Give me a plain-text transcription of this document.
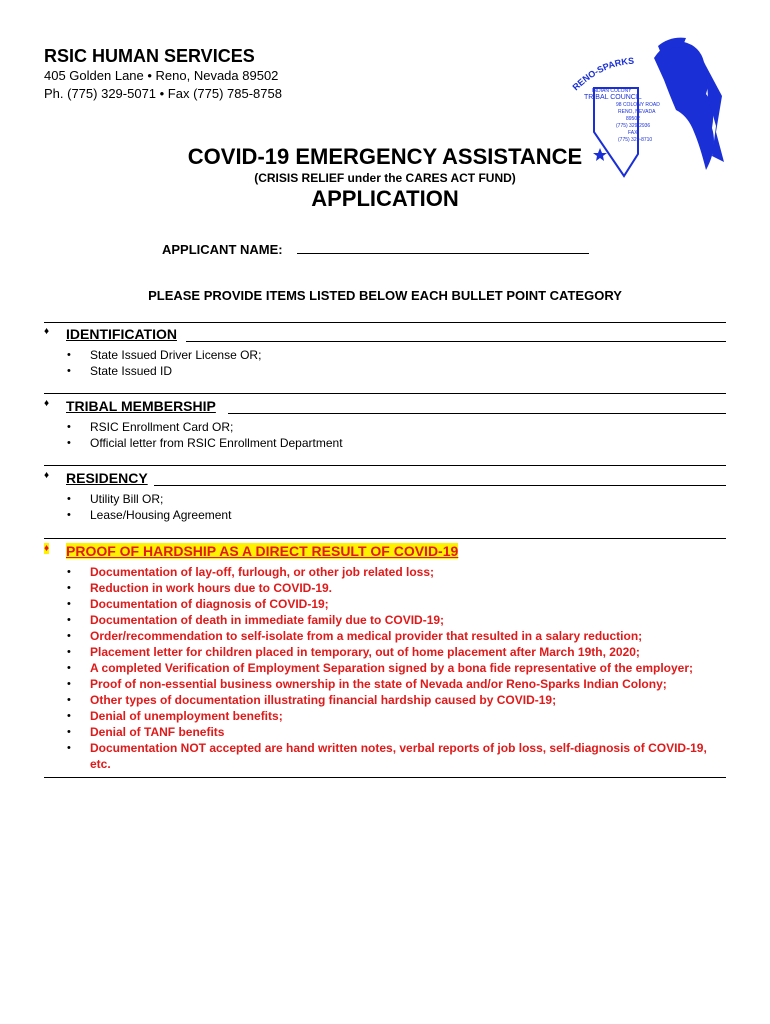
RSIC HUMAN SERVICES
405 Golden Lane • Reno, Nevada 89502
Ph. (775) 329-5071 • Fax (775) 785-8758	RENO-SPARKS
INDIAN COLONY
TRIBAL COUNCIL
98 COLONY ROAD
RENO, NEVADA
89502
(775) 329-2936
FAX
(775) 329-8710
COVID-19 EMERGENCY ASSISTANCE
(CRISIS RELIEF under the CARES ACT FUND)
APPLICATION
APPLICANT NAME:
PLEASE PROVIDE ITEMS LISTED BELOW EACH BULLET POINT CATEGORY
♦ IDENTIFICATION
• State Issued Driver License OR;
• State Issued ID
♦ TRIBAL MEMBERSHIP
• RSIC Enrollment Card OR;
• Official letter from RSIC Enrollment Department
♦ RESIDENCY
• Utility Bill OR;
• Lease/Housing Agreement
♦ PROOF OF HARDSHIP AS A DIRECT RESULT OF COVID-19
• Documentation of lay-off, furlough, or other job related loss;
• Reduction in work hours due to COVID-19.
• Documentation of diagnosis of COVID-19;
• Documentation of death in immediate family due to COVID-19;
• Order/recommendation to self-isolate from a medical provider that resulted in a salary reduction;
• Placement letter for children placed in temporary, out of home placement after March 19th, 2020;
• A completed Verification of Employment Separation signed by a bona fide representative of the employer;
• Proof of non-essential business ownership in the state of Nevada and/or Reno-Sparks Indian Colony;
• Other types of documentation illustrating financial hardship caused by COVID-19;
• Denial of unemployment benefits;
• Denial of TANF benefits
• Documentation NOT accepted are hand written notes, verbal reports of job loss, self-diagnosis of COVID-19, etc.
